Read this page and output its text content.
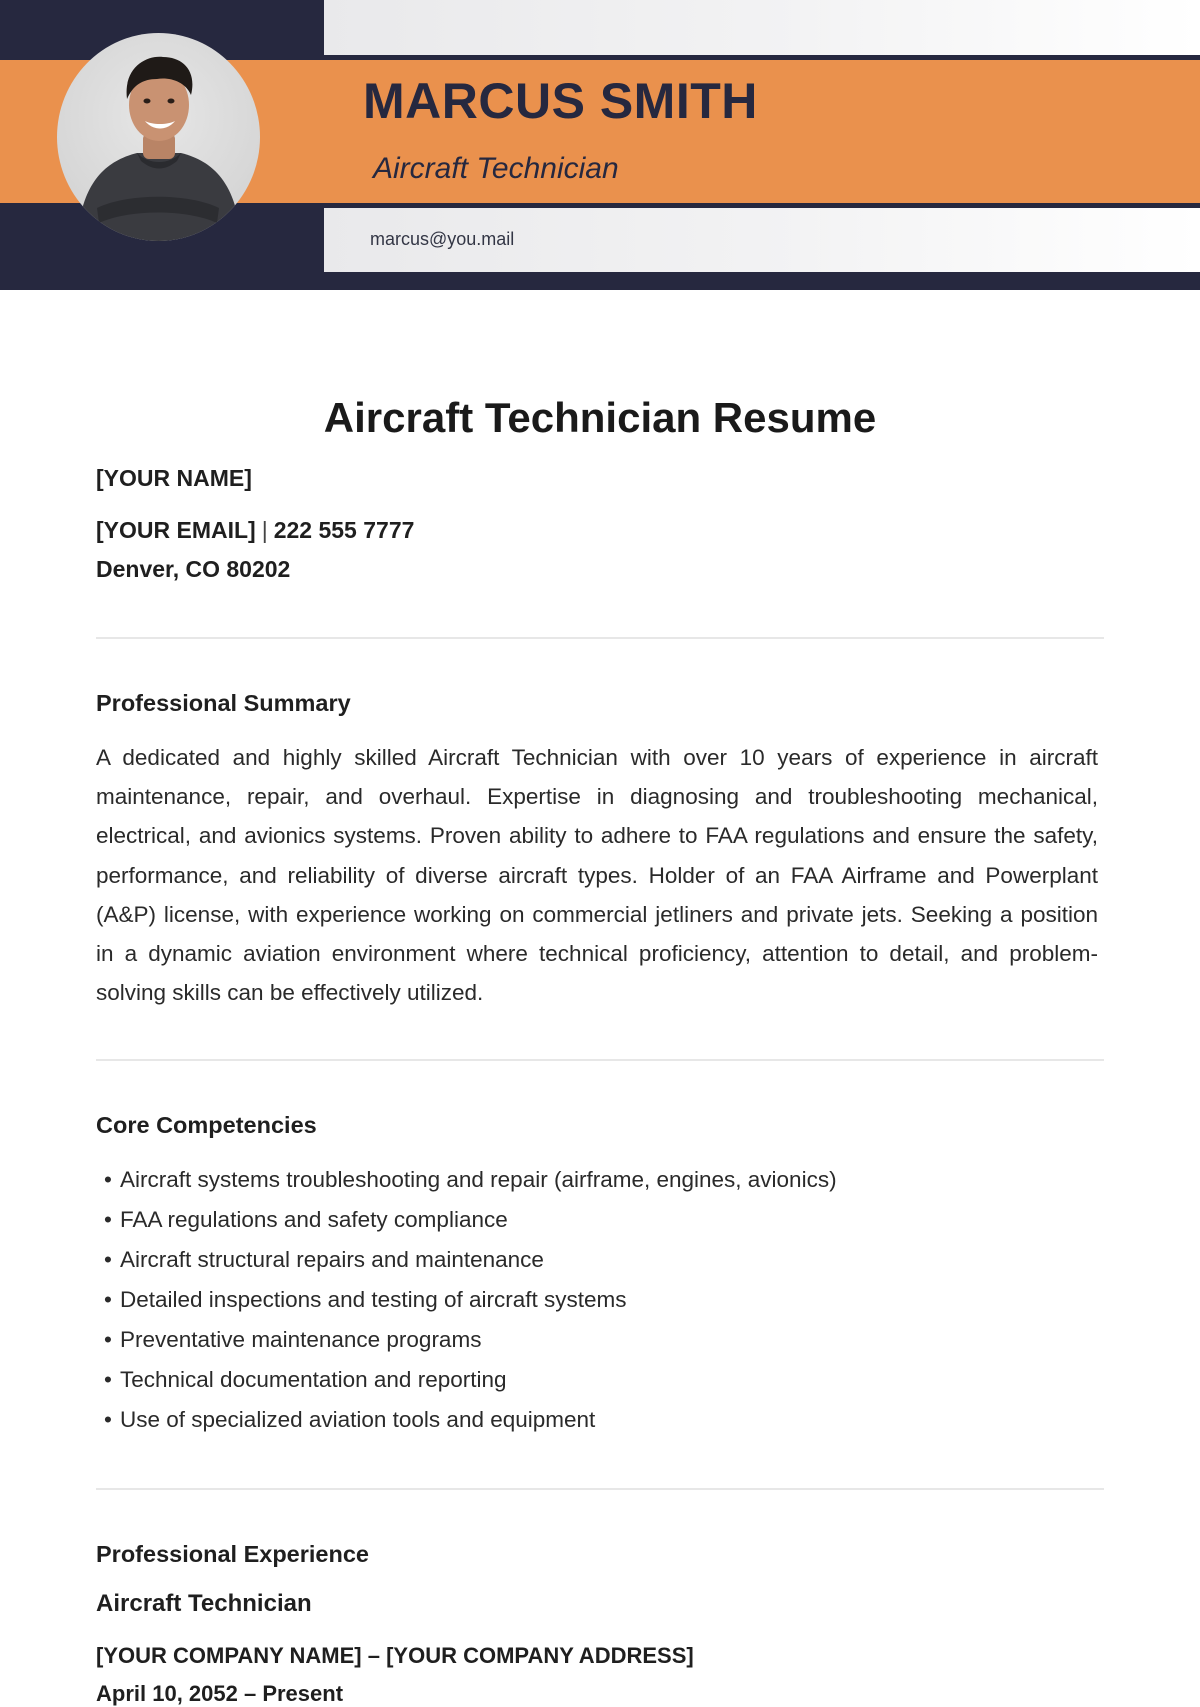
MARCUS SMITH
Aircraft Technician
marcus@you.mail
Aircraft Technician Resume
[YOUR NAME]
[YOUR EMAIL] | 222 555 7777
Denver, CO 80202
Professional Summary

A dedicated and highly skilled Aircraft Technician with over 10 years of experience in aircraft maintenance, repair, and overhaul. Expertise in diagnosing and troubleshooting mechanical, electrical, and avionics systems. Proven ability to adhere to FAA regulations and ensure the safety, performance, and reliability of diverse aircraft types. Holder of an FAA Airframe and Powerplant (A&P) license, with experience working on commercial jetliners and private jets. Seeking a position in a dynamic aviation environment where technical proficiency, attention to detail, and problem-solving skills can be effectively utilized.

Core Competencies
• Aircraft systems troubleshooting and repair (airframe, engines, avionics)
• FAA regulations and safety compliance
• Aircraft structural repairs and maintenance
• Detailed inspections and testing of aircraft systems
• Preventative maintenance programs
• Technical documentation and reporting
• Use of specialized aviation tools and equipment
Professional Experience
Aircraft Technician
[YOUR COMPANY NAME] – [YOUR COMPANY ADDRESS]
April 10, 2052 – Present
